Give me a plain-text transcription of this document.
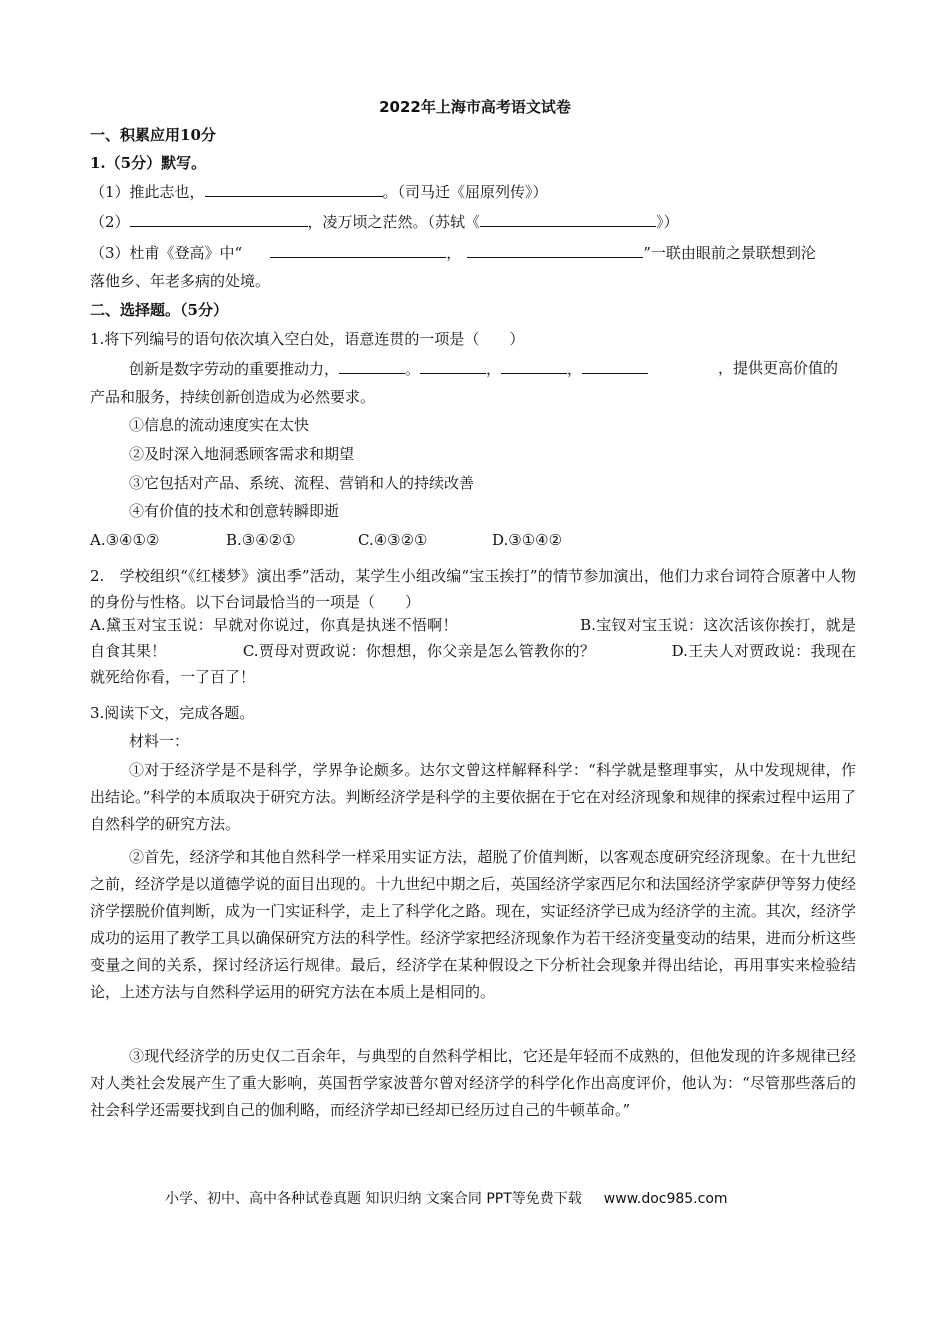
2022年上海市高考语文试卷
一、积累应用10分
1.（5分）默写。
（1）推此志也，	。（司马迁《屈原列传》）
（2）	，凌万顷之茫然。（苏轼《	》）
（3）杜甫《登高》中“	，	”一联由眼前之景联想到沦
落他乡、年老多病的处境。
二、选择题。（5分）
1.将下列编号的语句依次填入空白处，语意连贯的一项是（　　）
创新是数字劳动的重要推动力，	。	，	，	，提供更高价值的
产品和服务，持续创新创造成为必然要求。
①信息的流动速度实在太快
②及时深入地洞悉顾客需求和期望
③它包括对产品、系统、流程、营销和人的持续改善
④有价值的技术和创意转瞬即逝
A.③④①②	B.③④②①	C.④③②①	D.③①④②
2.　学校组织“《红楼梦》演出季”活动，某学生小组改编“宝玉挨打”的情节参加演出，他们力求台词符合原著中人物的身份与性格。以下台词最恰当的一项是（　　）
A.黛玉对宝玉说：早就对你说过，你真是执迷不悟啊！　　　　　　　　B.宝钗对宝玉说：这次活该你挨打，就是自食其果！　　　　　C.贾母对贾政说：你想想，你父亲是怎么管教你的？　　　　　D.王夫人对贾政说：我现在就死给你看，一了百了！
3.阅读下文，完成各题。
材料一：
①对于经济学是不是科学，学界争论颇多。达尔文曾这样解释科学：“科学就是整理事实，从中发现规律，作出结论。”科学的本质取决于研究方法。判断经济学是科学的主要依据在于它在对经济现象和规律的探索过程中运用了自然科学的研究方法。
②首先，经济学和其他自然科学一样采用实证方法，超脱了价值判断，以客观态度研究经济现象。在十九世纪之前，经济学是以道德学说的面目出现的。十九世纪中期之后，英国经济学家西尼尔和法国经济学家萨伊等努力使经济学摆脱价值判断，成为一门实证科学，走上了科学化之路。现在，实证经济学已成为经济学的主流。其次，经济学成功的运用了教学工具以确保研究方法的科学性。经济学家把经济现象作为若干经济变量变动的结果，进而分析这些变量之间的关系，探讨经济运行规律。最后，经济学在某种假设之下分析社会现象并得出结论，再用事实来检验结论，上述方法与自然科学运用的研究方法在本质上是相同的。
③现代经济学的历史仅二百余年，与典型的自然科学相比，它还是年轻而不成熟的，但他发现的许多规律已经对人类社会发展产生了重大影响，英国哲学家波普尔曾对经济学的科学化作出高度评价，他认为：“尽管那些落后的社会科学还需要找到自己的伽利略，而经济学却已经却已经历过自己的牛顿革命。”
小学、初中、高中各种试卷真题 知识归纳 文案合同 PPT等免费下载 www.doc985.com
